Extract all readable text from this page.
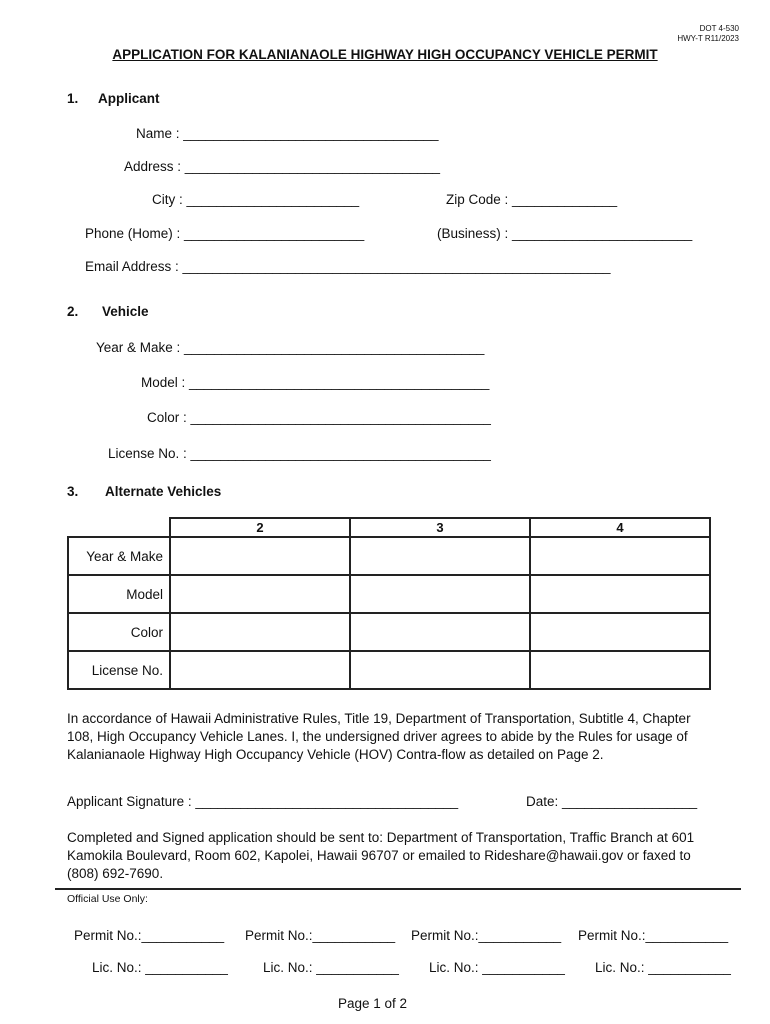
DOT 4-530
HWY-T R11/2023
APPLICATION FOR KALANIANAOLE HIGHWAY HIGH OCCUPANCY VEHICLE PERMIT
1. Applicant
Name : __________________________________
Address : __________________________________
City : _______________________	Zip Code : ______________
Phone (Home) : ________________________	(Business) : ________________________
Email Address : _________________________________________________________
2. Vehicle
Year & Make : ________________________________________
Model : ________________________________________
Color : ________________________________________
License No. : ________________________________________
3. Alternate Vehicles
	2	3	4
Year & Make			
Model			
Color			
License No.			
In accordance of Hawaii Administrative Rules, Title 19, Department of Transportation, Subtitle 4, Chapter 108, High Occupancy Vehicle Lanes. I, the undersigned driver agrees to abide by the Rules for usage of Kalanianaole Highway High Occupancy Vehicle (HOV) Contra-flow as detailed on Page 2.
Applicant Signature : ___________________________________	Date: __________________
Completed and Signed application should be sent to: Department of Transportation, Traffic Branch at 601 Kamokila Boulevard, Room 602, Kapolei, Hawaii 96707 or emailed to Rideshare@hawaii.gov or faxed to (808) 692-7690.
Official Use Only:
Permit No.:___________ Permit No.:___________ Permit No.:___________ Permit No.:___________
Lic. No.: ___________	Lic. No.: ___________ Lic. No.: ___________ Lic. No.: ___________
Page 1 of 2
